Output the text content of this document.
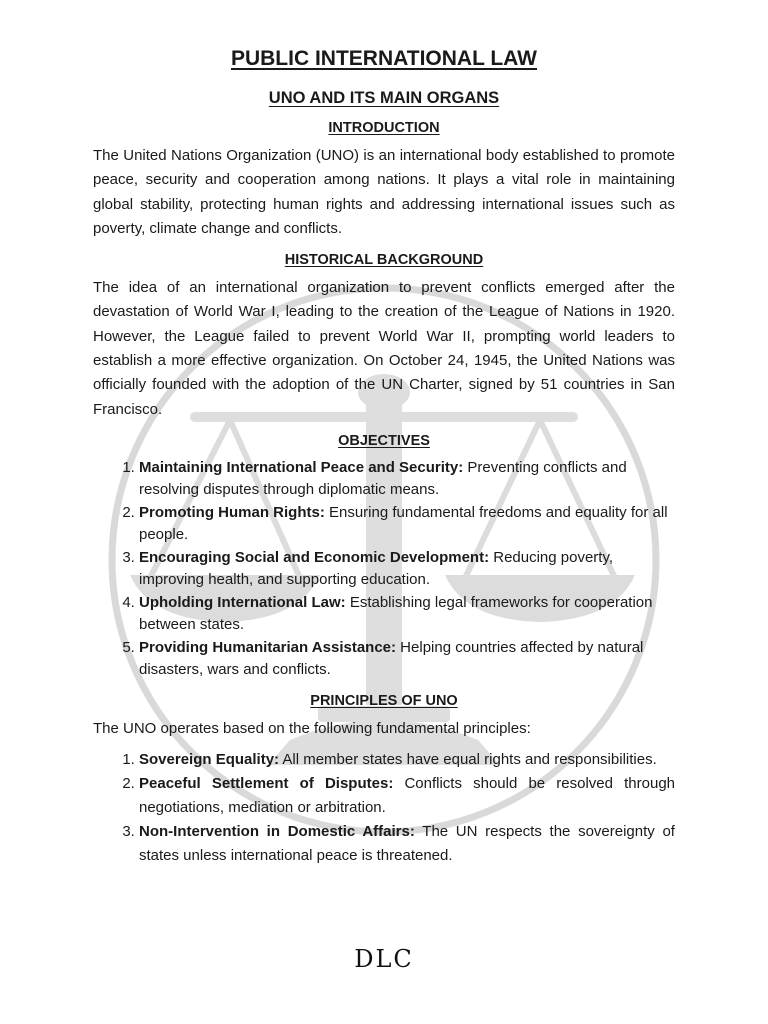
PUBLIC INTERNATIONAL LAW
UNO AND ITS MAIN ORGANS
INTRODUCTION

The United Nations Organization (UNO) is an international body established to promote peace, security and cooperation among nations. It plays a vital role in maintaining global stability, protecting human rights and addressing international issues such as poverty, climate change and conflicts.

HISTORICAL BACKGROUND

The idea of an international organization to prevent conflicts emerged after the devastation of World War I, leading to the creation of the League of Nations in 1920. However, the League failed to prevent World War II, prompting world leaders to establish a more effective organization. On October 24, 1945, the United Nations was officially founded with the adoption of the UN Charter, signed by 51 countries in San Francisco.

OBJECTIVES
1. Maintaining International Peace and Security: Preventing conflicts and resolving disputes through diplomatic means.
2. Promoting Human Rights: Ensuring fundamental freedoms and equality for all people.
3. Encouraging Social and Economic Development: Reducing poverty, improving health, and supporting education.
4. Upholding International Law: Establishing legal frameworks for cooperation between states.
5. Providing Humanitarian Assistance: Helping countries affected by natural disasters, wars and conflicts.
PRINCIPLES OF UNO

The UNO operates based on the following fundamental principles:

1. Sovereign Equality: All member states have equal rights and responsibilities.
2. Peaceful Settlement of Disputes: Conflicts should be resolved through negotiations, mediation or arbitration.
3. Non-Intervention in Domestic Affairs: The UN respects the sovereignty of states unless international peace is threatened.
DLC
